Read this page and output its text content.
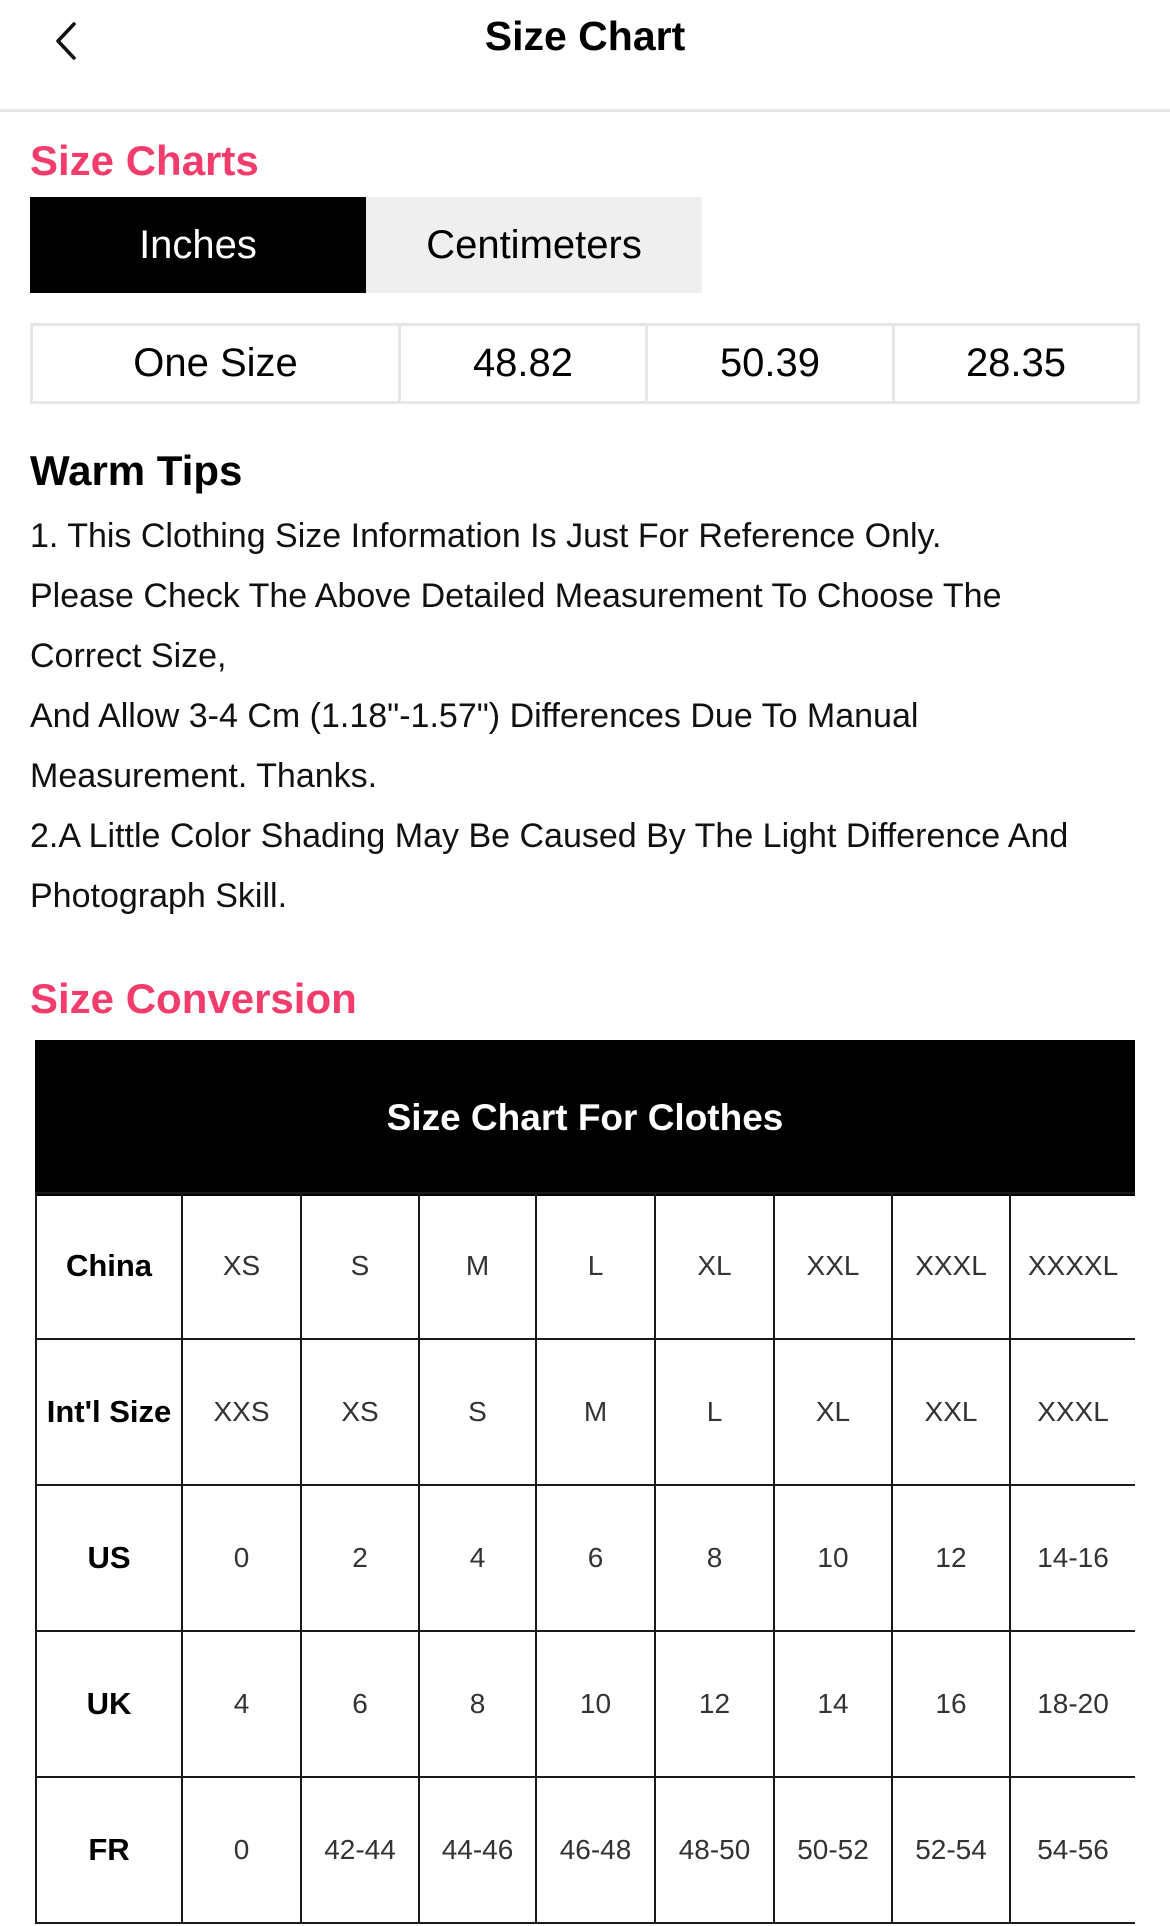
Size Chart
Size Charts
Inches	Centimeters
One Size	48.82	50.39	28.35
Warm Tips
1. This Clothing Size Information Is Just For Reference Only.
Please Check The Above Detailed Measurement To Choose The
Correct Size,
And Allow 3-4 Cm (1.18"-1.57") Differences Due To Manual
Measurement. Thanks.
2.A Little Color Shading May Be Caused By The Light Difference And
Photograph Skill.
Size Conversion
Size Chart For Clothes
China	XS	S	M	L	XL	XXL	XXXL	XXXXL
Int'l Size	XXS	XS	S	M	L	XL	XXL	XXXL
US	0	2	4	6	8	10	12	14-16
UK	4	6	8	10	12	14	16	18-20
FR	0	42-44	44-46	46-48	48-50	50-52	52-54	54-56
